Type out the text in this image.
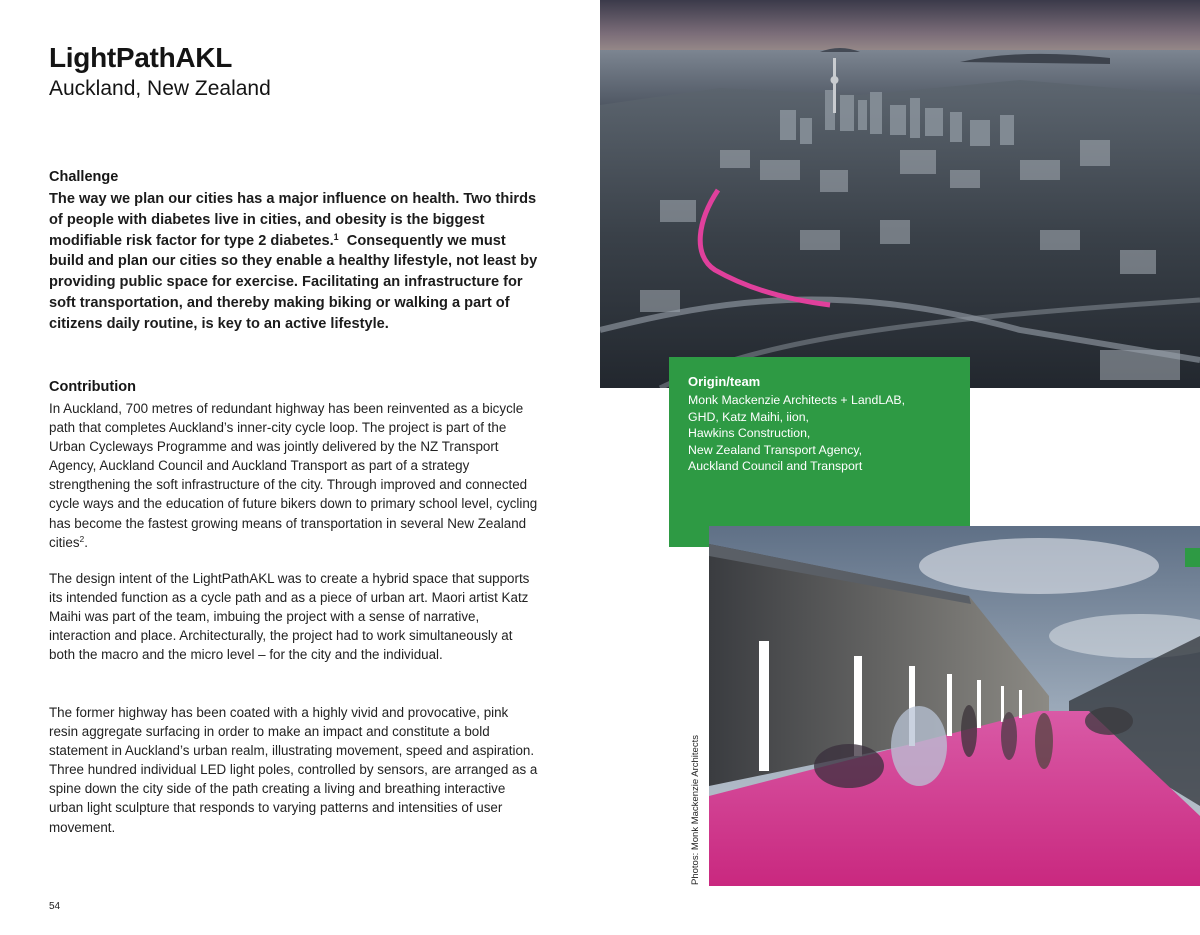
LightPathAKL
Auckland, New Zealand
Challenge
The way we plan our cities has a major influence on health. Two thirds of people with diabetes live in cities, and obesity is the biggest modifiable risk factor for type 2 diabetes.$^1$  Consequently we must build and plan our cities so they enable a healthy lifestyle, not least by providing public space for exercise. Facilitating an infrastructure for soft transportation, and thereby making biking or walking a part of citizens daily routine, is key to an active lifestyle.
Contribution
In Auckland, 700 metres of redundant highway has been reinvented as a bicycle path that completes Auckland’s inner-city cycle loop. The project is part of the Urban Cycleways Programme and was jointly delivered by the NZ Transport Agency, Auckland Council and Auckland Transport as part of a strategy strengthening the soft infrastructure of the city. Through improved and connected cycle ways and the education of future bikers down to primary school level, cycling has become the fastest growing means of transportation in several New Zealand cities$^2$.
The design intent of the LightPathAKL was to create a hybrid space that supports its intended function as a cycle path and as a piece of urban art. Maori artist Katz Maihi was part of the team, imbuing the project with a sense of narrative, interaction and place. Architecturally, the project had to work simultaneously at both the macro and the micro level – for the city and the individual.
The former highway has been coated with a highly vivid and provocative, pink resin aggregate surfacing in order to make an impact and constitute a bold statement in Auckland’s urban realm, illustrating movement, speed and aspiration. Three hundred individual LED light poles, controlled by sensors, are arranged as a spine down the city side of the path creating a living and breathing interactive urban light sculpture that responds to varying patterns and intensities of user movement.
54
Origin/team
Monk Mackenzie Architects + LandLAB,
GHD, Katz Maihi, iion,
Hawkins Construction,
New Zealand Transport Agency,
Auckland Council and Transport
Photos: Monk Mackenzie Architects
